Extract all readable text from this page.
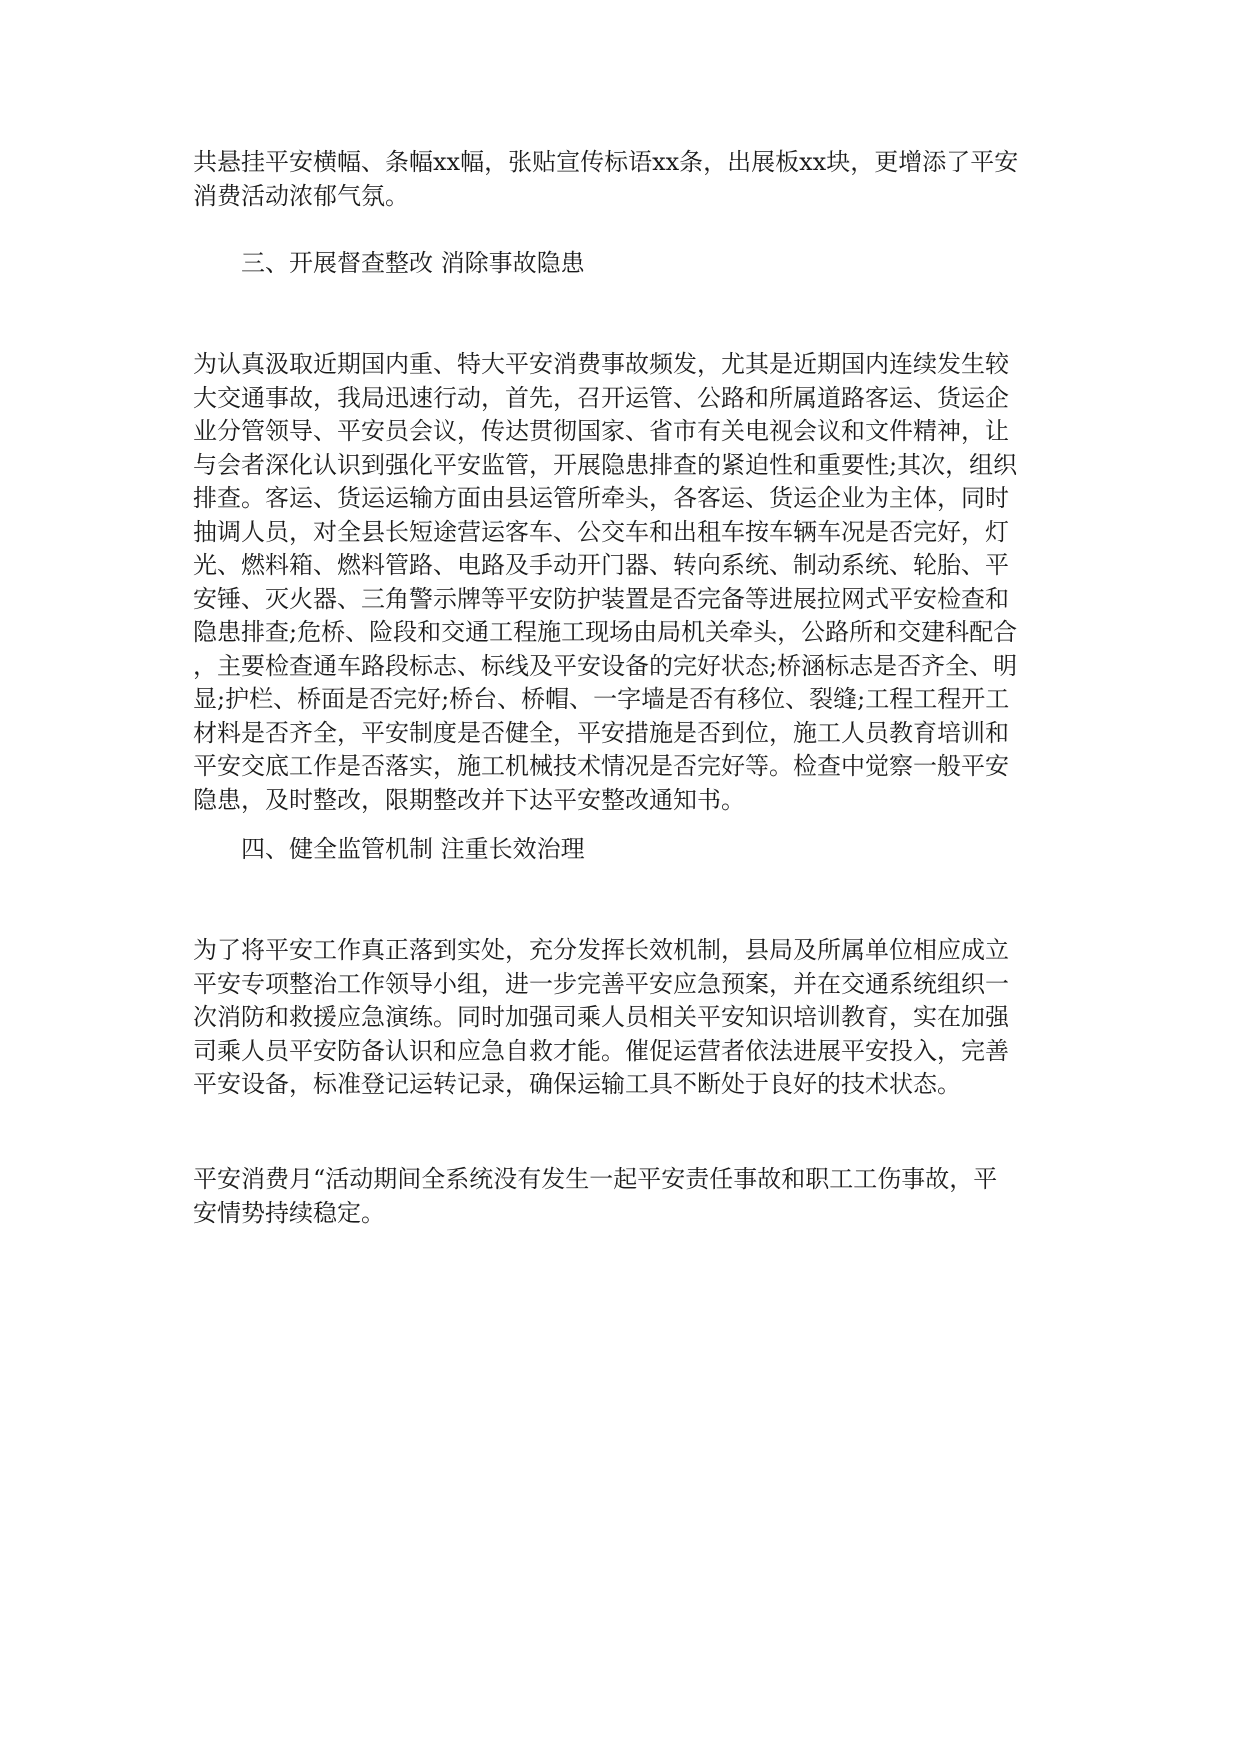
共悬挂平安横幅、条幅xx幅，张贴宣传标语xx条，出展板xx块，更增添了平安
消费活动浓郁气氛。
三、开展督查整改 消除事故隐患
为认真汲取近期国内重、特大平安消费事故频发，尤其是近期国内连续发生较
大交通事故，我局迅速行动，首先，召开运管、公路和所属道路客运、货运企
业分管领导、平安员会议，传达贯彻国家、省市有关电视会议和文件精神，让
与会者深化认识到强化平安监管，开展隐患排查的紧迫性和重要性;其次，组织
排查。客运、货运运输方面由县运管所牵头，各客运、货运企业为主体，同时
抽调人员，对全县长短途营运客车、公交车和出租车按车辆车况是否完好，灯
光、燃料箱、燃料管路、电路及手动开门器、转向系统、制动系统、轮胎、平
安锤、灭火器、三角警示牌等平安防护装置是否完备等进展拉网式平安检查和
隐患排查;危桥、险段和交通工程施工现场由局机关牵头，公路所和交建科配合
，主要检查通车路段标志、标线及平安设备的完好状态;桥涵标志是否齐全、明
显;护栏、桥面是否完好;桥台、桥帽、一字墙是否有移位、裂缝;工程工程开工
材料是否齐全，平安制度是否健全，平安措施是否到位，施工人员教育培训和
平安交底工作是否落实，施工机械技术情况是否完好等。检查中觉察一般平安
隐患，及时整改，限期整改并下达平安整改通知书。
四、健全监管机制 注重长效治理
为了将平安工作真正落到实处，充分发挥长效机制，县局及所属单位相应成立
平安专项整治工作领导小组，进一步完善平安应急预案，并在交通系统组织一
次消防和救援应急演练。同时加强司乘人员相关平安知识培训教育，实在加强
司乘人员平安防备认识和应急自救才能。催促运营者依法进展平安投入，完善
平安设备，标准登记运转记录，确保运输工具不断处于良好的技术状态。
平安消费月“活动期间全系统没有发生一起平安责任事故和职工工伤事故，平
安情势持续稳定。
